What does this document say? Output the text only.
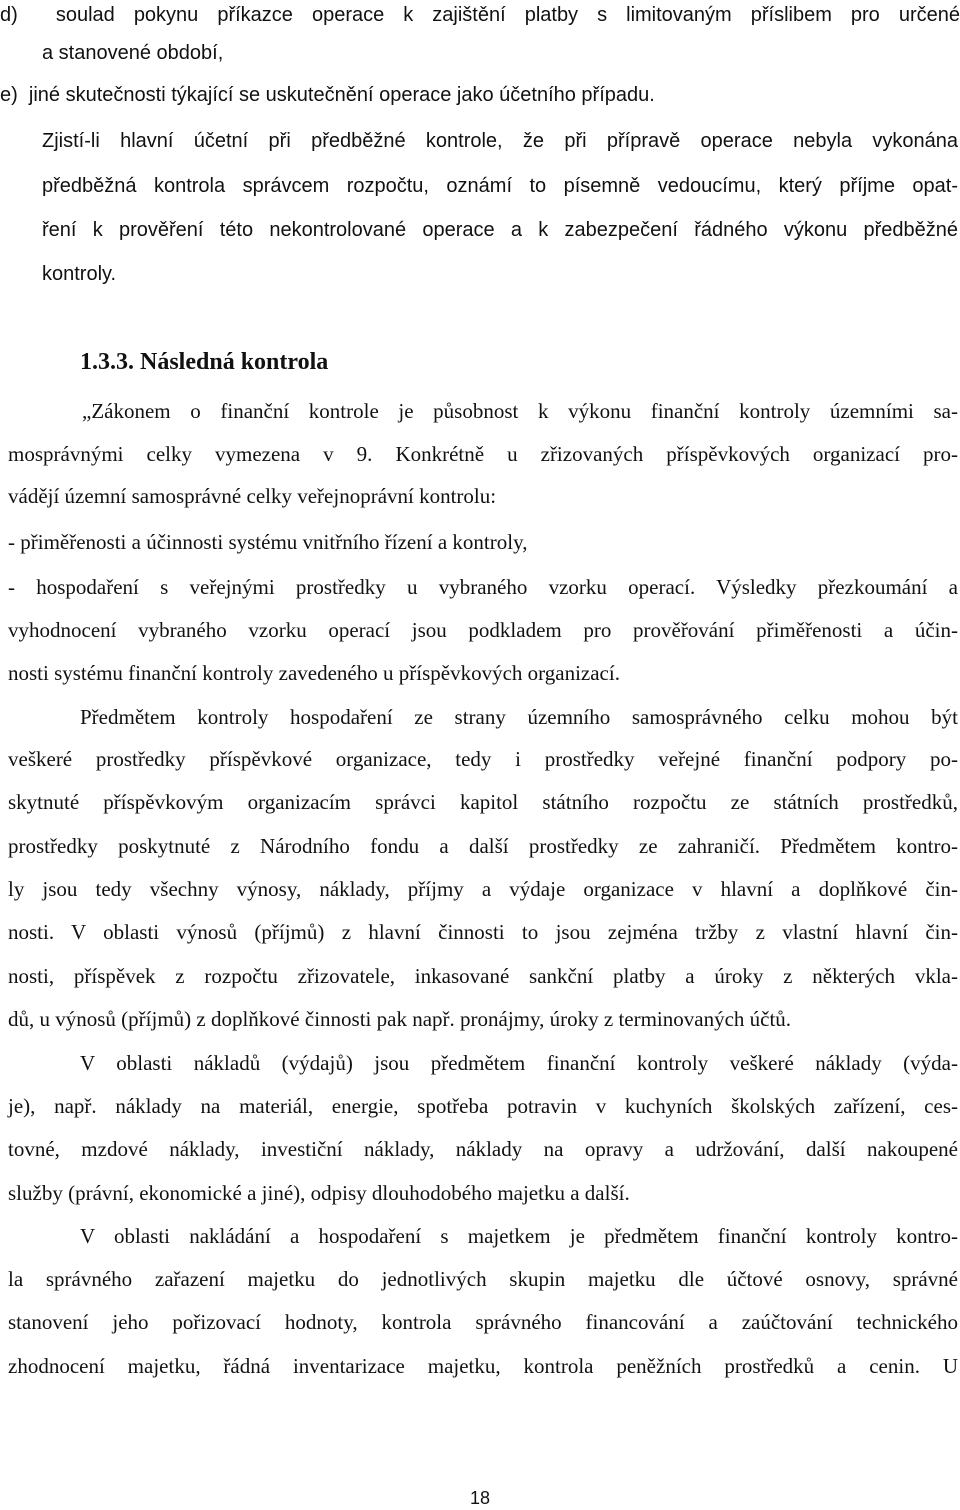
d)  soulad pokynu příkazce operace k zajištění platby s limitovaným příslibem pro určené

a stanovené období,

e)  jiné skutečnosti týkající se uskutečnění operace jako účetního případu.

Zjistí-li hlavní účetní při předběžné kontrole, že při přípravě operace nebyla vykonána

předběžná kontrola správcem rozpočtu, oznámí to písemně vedoucímu, který příjme opat-

ření k prověření této nekontrolované operace a k zabezpečení řádného výkonu předběžné

kontroly.

1.3.3. Následná kontrola

„Zákonem o finanční kontrole je působnost k výkonu finanční kontroly územními sa-

mosprávnými celky vymezena v 9. Konkrétně u zřizovaných příspěvkových organizací pro-

vádějí územní samosprávné celky veřejnoprávní kontrolu:

- přiměřenosti a účinnosti systému vnitřního řízení a kontroly,

- hospodaření s veřejnými prostředky u vybraného vzorku operací. Výsledky přezkoumání a

vyhodnocení vybraného vzorku operací jsou podkladem pro prověřování přiměřenosti a účin-

nosti systému finanční kontroly zavedeného u příspěvkových organizací.

Předmětem kontroly hospodaření ze strany územního samosprávného celku mohou být

veškeré prostředky příspěvkové organizace, tedy i prostředky veřejné finanční podpory po-

skytnuté příspěvkovým organizacím správci kapitol státního rozpočtu ze státních prostředků,

prostředky poskytnuté z Národního fondu a další prostředky ze zahraničí. Předmětem kontro-

ly jsou tedy všechny výnosy, náklady, příjmy a výdaje organizace v hlavní a doplňkové čin-

nosti. V oblasti výnosů (příjmů) z hlavní činnosti to jsou zejména tržby z vlastní hlavní čin-

nosti, příspěvek z rozpočtu zřizovatele, inkasované sankční platby a úroky z některých vkla-

dů, u výnosů (příjmů) z doplňkové činnosti pak např. pronájmy, úroky z terminovaných účtů.

V oblasti nákladů (výdajů) jsou předmětem finanční kontroly veškeré náklady (výda-

je), např. náklady na materiál, energie, spotřeba potravin v kuchyních školských zařízení, ces-

tovné, mzdové náklady, investiční náklady, náklady na opravy a udržování, další nakoupené

služby (právní, ekonomické a jiné), odpisy dlouhodobého majetku a další.

V oblasti nakládání a hospodaření s majetkem je předmětem finanční kontroly kontro-

la správného zařazení majetku do jednotlivých skupin majetku dle účtové osnovy, správné

stanovení jeho pořizovací hodnoty, kontrola správného financování a zaúčtování technického

zhodnocení majetku, řádná inventarizace majetku, kontrola peněžních prostředků a cenin. U

18
